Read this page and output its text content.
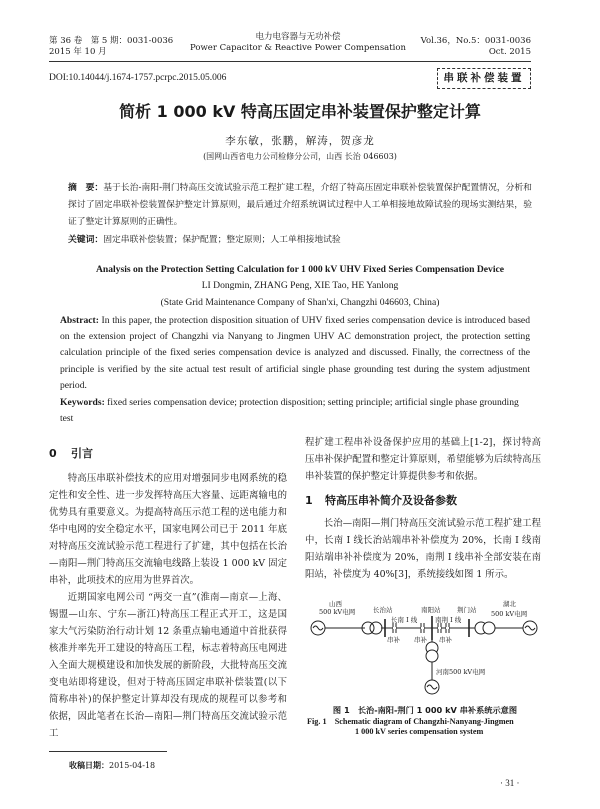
第 36 卷　第 5 期：0031-0036
2015 年 10 月
电力电容器与无功补偿
Power Capacitor & Reactive Power Compensation
Vol.36，No.5：0031-0036
Oct. 2015
DOI:10.14044/j.1674-1757.pcrpc.2015.05.006	串联补偿装置
简析 1 000 kV 特高压固定串补装置保护整定计算
李东敏，张鹏，解涛，贺彦龙
(国网山西省电力公司检修分公司，山西 长治 046603)
摘　要：基于长治-南阳-荆门特高压交流试验示范工程扩建工程，介绍了特高压固定串联补偿装置保护配置情况，分析和探讨了固定串联补偿装置保护整定计算原则，最后通过介绍系统调试过程中人工单相接地故障试验的现场实测结果，验证了整定计算原则的正确性。
关键词：固定串联补偿装置；保护配置；整定原则；人工单相接地试验
Analysis on the Protection Setting Calculation for 1 000 kV UHV Fixed Series Compensation Device
LI Dongmin, ZHANG Peng, XIE Tao, HE Yanlong
(State Grid Maintenance Company of Shan'xi, Changzhi 046603, China)
Abstract: In this paper, the protection disposition situation of UHV fixed series compensation device is introduced based on the extension project of Changzhi via Nanyang to Jingmen UHV AC demonstration project, the protection setting calculation principle of the fixed series compensation device is analyzed and discussed. Finally, the correctness of the principle is verified by the site actual test result of artificial single phase grounding test during the system adjustment period.
Keywords: fixed series compensation device; protection disposition; setting principle; artificial single phase grounding test
0 引言

特高压串联补偿技术的应用对增强同步电网系统的稳定性和安全性、进一步发挥特高压大容量、远距离输电的优势具有重要意义。为提高特高压示范工程的送电能力和华中电网的安全稳定水平，国家电网公司已于 2011 年底对特高压交流试验示范工程进行了扩建，其中包括在长治—南阳—荆门特高压交流输电线路上装设 1 000 kV 固定串补，此项技术的应用为世界首次。

近期国家电网公司 “两交一直”(淮南—南京—上海、锡盟—山东、宁东—浙江)特高压工程正式开工，这是国家大气污染防治行动计划 12 条重点输电通道中首批获得核准并率先开工建设的特高压工程，标志着特高压电网进入全面大规模建设和加快发展的新阶段，大批特高压交流变电站即将建设，但对于特高压固定串联补偿装置(以下简称串补)的保护整定计算却没有现成的规程可以参考和依据，因此笔者在长治—南阳—荆门特高压交流试验示范工

程扩建工程串补设备保护应用的基础上[1-2]，探讨特高压串补保护配置和整定计算原则，希望能够为后续特高压串补装置的保护整定计算提供参考和依据。

1 特高压串补简介及设备参数

长治—南阳—荆门特高压交流试验示范工程扩建工程中，长南 I 线长治站端串补补偿度为 20%，长南 I 线南阳站端串补补偿度为 20%，南荆 I 线串补全部安装在南阳站，补偿度为 40%[3]，系统接线如图 1 所示。

山西
500 kV电网	长治站
长南 I 线
南阳站
南荆 I 线
荆门站
湖北
500 kV电网
串补 串补 串补
河南500 kV电网
图 1　长治-南阳-荆门 1 000 kV 串补系统示意图
Fig. 1　Schematic diagram of Changzhi-Nanyang-Jingmen
1 000 kV series compensation system
收稿日期：2015-04-18
· 31 ·
